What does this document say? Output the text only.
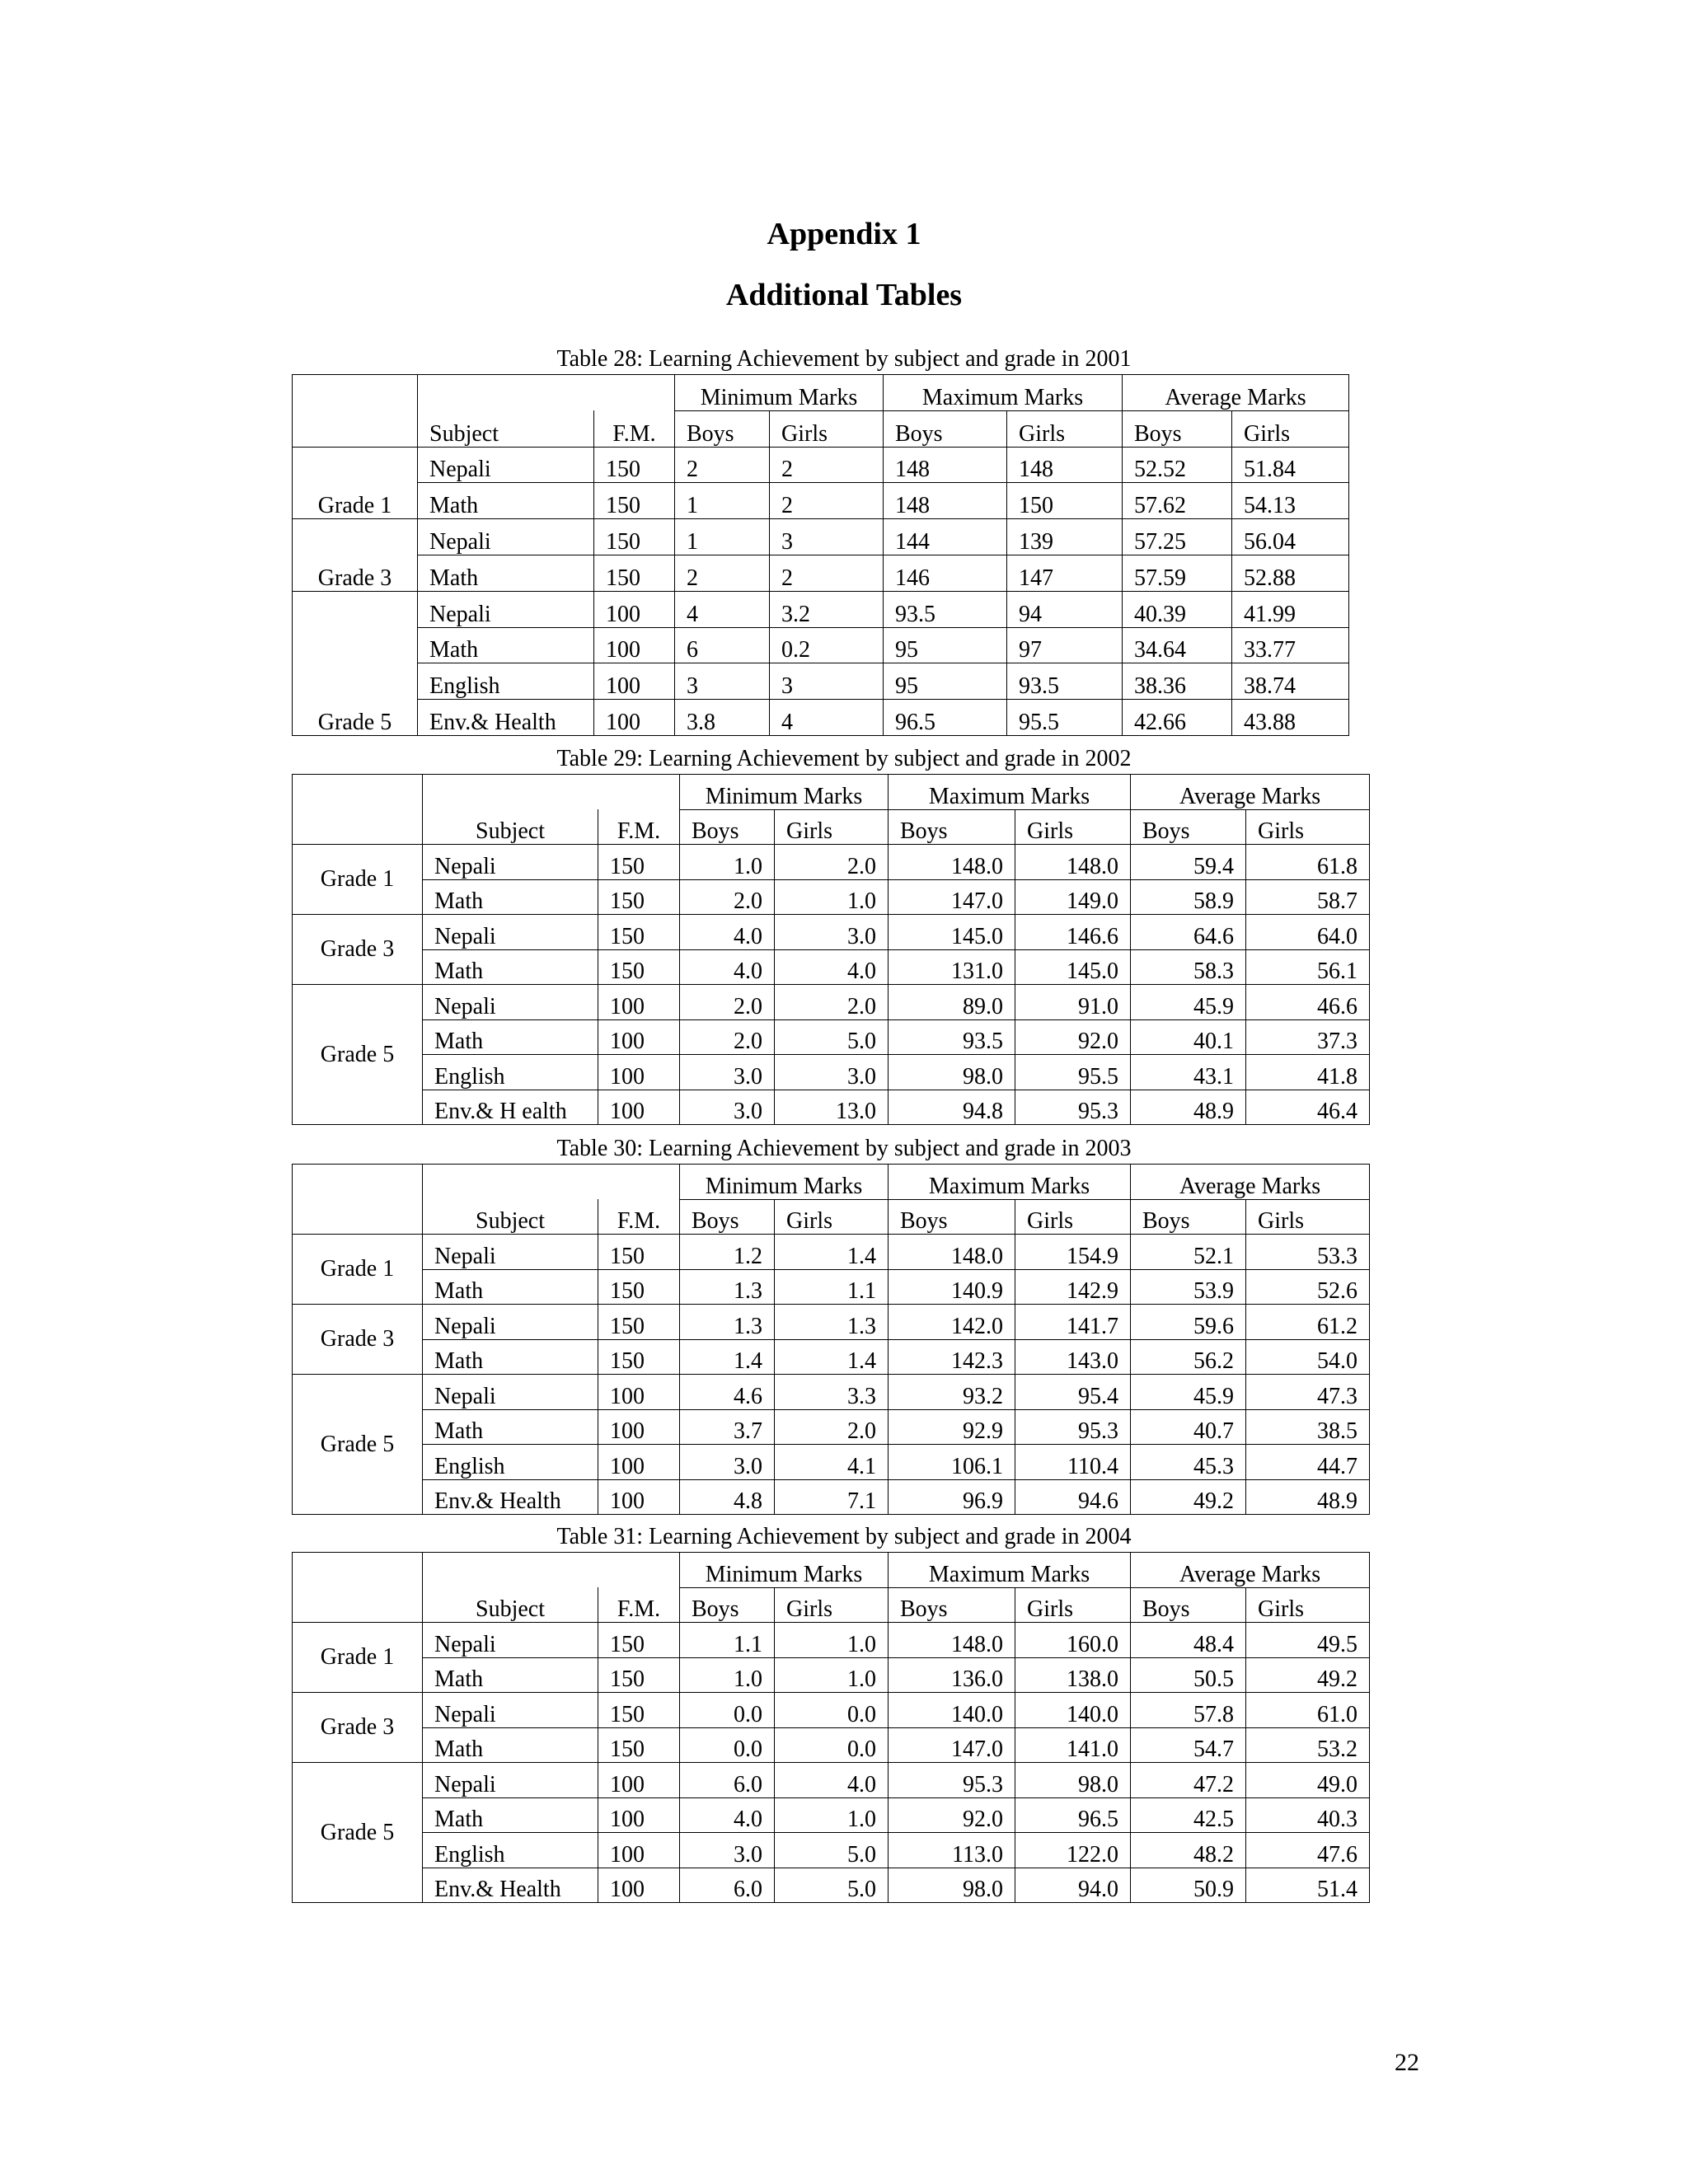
Appendix 1
Additional Tables
Table 28: Learning Achievement by subject and grade in 2001
			Minimum Marks		Maximum Marks		Average Marks	
	Subject	F.M.	Boys	Girls	Boys	Girls	Boys	Girls
Grade 1	Nepali	150	2	2	148	148	52.52	51.84
	Math	150	1	2	148	150	57.62	54.13
Grade 3	Nepali	150	1	3	144	139	57.25	56.04
	Math	150	2	2	146	147	57.59	52.88
Grade 5	Nepali	100	4	3.2	93.5	94	40.39	41.99
	Math	100	6	0.2	95	97	34.64	33.77
	English	100	3	3	95	93.5	38.36	38.74
	Env.& Health	100	3.8	4	96.5	95.5	42.66	43.88
Table 29: Learning Achievement by subject and grade in 2002
			Minimum Marks		Maximum Marks		Average Marks	
	Subject	F.M.	Boys	Girls	Boys	Girls	Boys	Girls
Grade 1	Nepali	150	1.0	2.0	148.0	148.0	59.4	61.8
	Math	150	2.0	1.0	147.0	149.0	58.9	58.7
Grade 3	Nepali	150	4.0	3.0	145.0	146.6	64.6	64.0
	Math	150	4.0	4.0	131.0	145.0	58.3	56.1
Grade 5	Nepali	100	2.0	2.0	89.0	91.0	45.9	46.6
	Math	100	2.0	5.0	93.5	92.0	40.1	37.3
	English	100	3.0	3.0	98.0	95.5	43.1	41.8
	Env.& H ealth	100	3.0	13.0	94.8	95.3	48.9	46.4
Table 30: Learning Achievement by subject and grade in 2003
			Minimum Marks		Maximum Marks		Average Marks	
	Subject	F.M.	Boys	Girls	Boys	Girls	Boys	Girls
Grade 1	Nepali	150	1.2	1.4	148.0	154.9	52.1	53.3
	Math	150	1.3	1.1	140.9	142.9	53.9	52.6
Grade 3	Nepali	150	1.3	1.3	142.0	141.7	59.6	61.2
	Math	150	1.4	1.4	142.3	143.0	56.2	54.0
Grade 5	Nepali	100	4.6	3.3	93.2	95.4	45.9	47.3
	Math	100	3.7	2.0	92.9	95.3	40.7	38.5
	English	100	3.0	4.1	106.1	110.4	45.3	44.7
	Env.& Health	100	4.8	7.1	96.9	94.6	49.2	48.9
Table 31: Learning Achievement by subject and grade in 2004
			Minimum Marks		Maximum Marks		Average Marks	
	Subject	F.M.	Boys	Girls	Boys	Girls	Boys	Girls
Grade 1	Nepali	150	1.1	1.0	148.0	160.0	48.4	49.5
	Math	150	1.0	1.0	136.0	138.0	50.5	49.2
Grade 3	Nepali	150	0.0	0.0	140.0	140.0	57.8	61.0
	Math	150	0.0	0.0	147.0	141.0	54.7	53.2
Grade 5	Nepali	100	6.0	4.0	95.3	98.0	47.2	49.0
	Math	100	4.0	1.0	92.0	96.5	42.5	40.3
	English	100	3.0	5.0	113.0	122.0	48.2	47.6
	Env.& Health	100	6.0	5.0	98.0	94.0	50.9	51.4
22
